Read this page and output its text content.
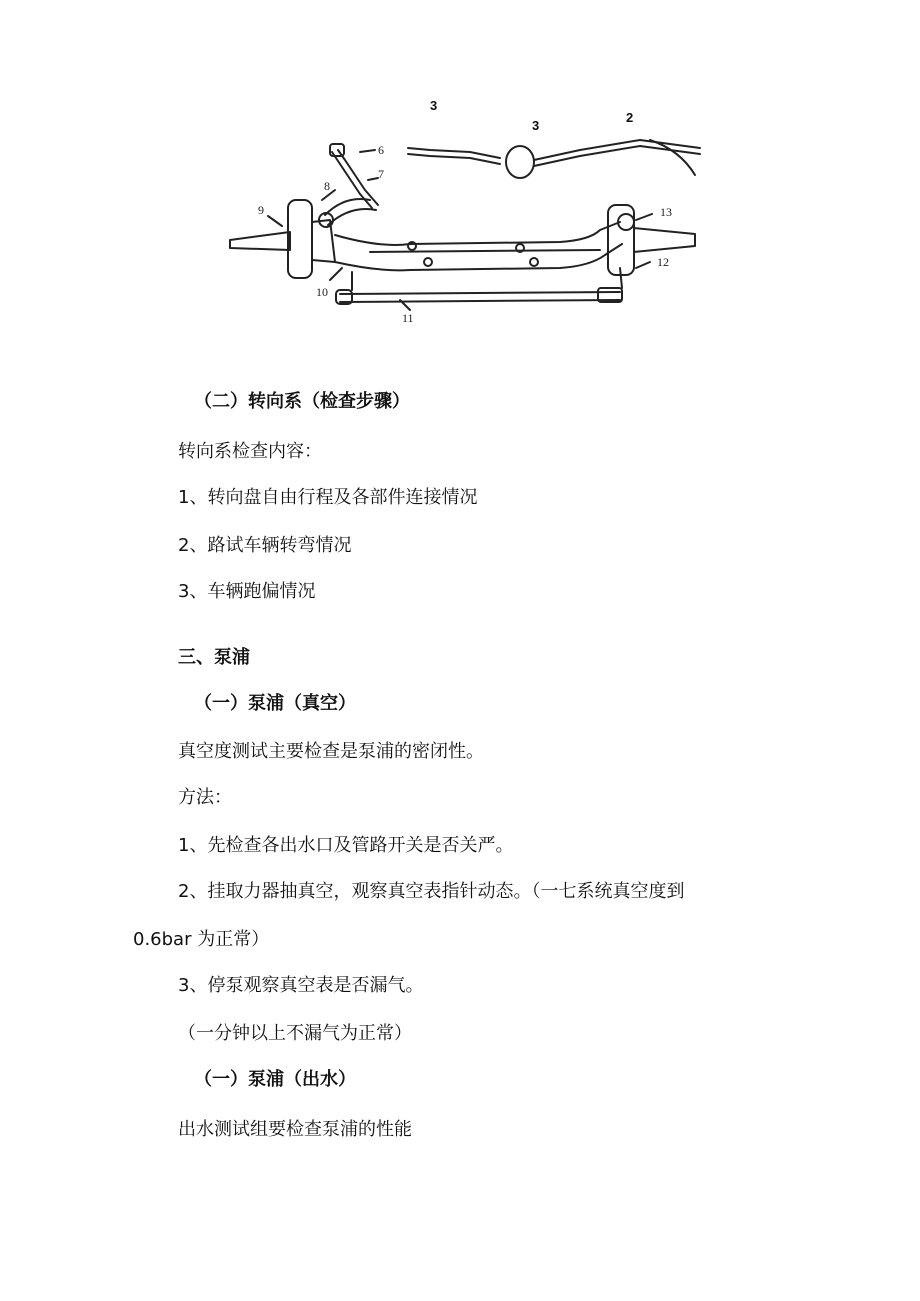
6
7
8
9
10
11
12
13
3
3
2
（二）转向系（检查步骤）
转向系检查内容：
1、转向盘自由行程及各部件连接情况
2、路试车辆转弯情况
3、车辆跑偏情况
三、泵浦
（一）泵浦（真空）
真空度测试主要检查是泵浦的密闭性。
方法：
1、先检查各出水口及管路开关是否关严。
2、挂取力器抽真空，观察真空表指针动态。（一七系统真空度到
0.6bar 为正常）
3、停泵观察真空表是否漏气。
（一分钟以上不漏气为正常）
（一）泵浦（出水）
出水测试组要检查泵浦的性能
